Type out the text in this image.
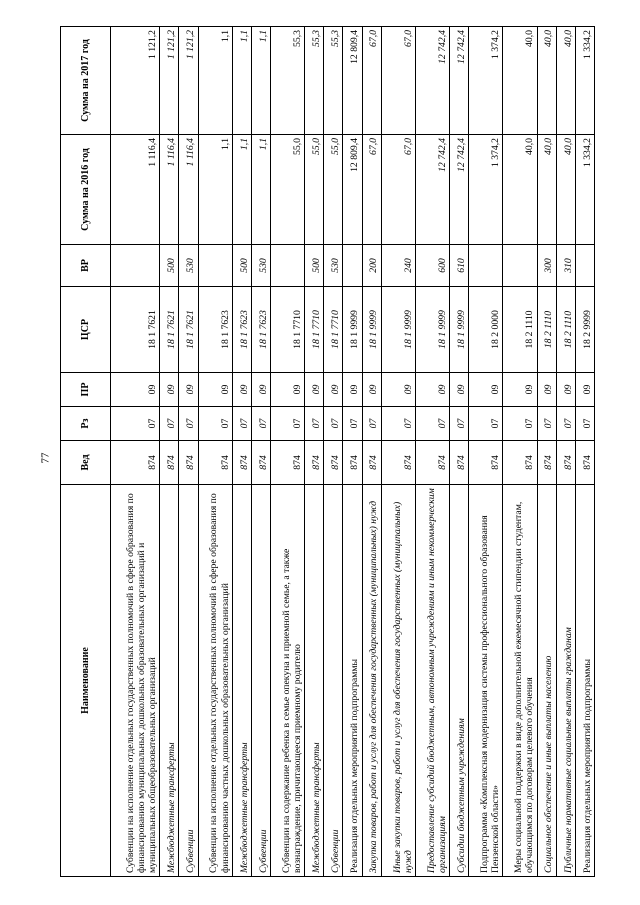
77
Наименование	Вед	Рз	ПР	ЦСР	ВР	Сумма на 2016 год	Сумма на 2017 год
Субвенции на исполнение отдельных государственных полномочий в сфере образования по финансированию муниципальных дошкольных образовательных организаций и муниципальных общеобразовательных организаций	874	07	09	18 1 7621		1 116,4	1 121,2
Межбюджетные трансферты	874	07	09	18 1 7621	500	1 116,4	1 121,2
Субвенции	874	07	09	18 1 7621	530	1 116,4	1 121,2
Субвенции на исполнение отдельных государственных полномочий в сфере образования по финансированию частных дошкольных образовательных организаций	874	07	09	18 1 7623		1,1	1,1
Межбюджетные трансферты	874	07	09	18 1 7623	500	1,1	1,1
Субвенции	874	07	09	18 1 7623	530	1,1	1,1
Субвенции на содержание ребенка в семье опекуна и приемной семье, а также вознаграждение, причитающееся приемному родителю	874	07	09	18 1 7710		55,0	55,3
Межбюджетные трансферты	874	07	09	18 1 7710	500	55,0	55,3
Субвенции	874	07	09	18 1 7710	530	55,0	55,3
Реализация отдельных мероприятий подпрограммы	874	07	09	18 1 9999		12 809,4	12 809,4
Закупка товаров, работ и услуг для обеспечения государственных (муниципальных) нужд	874	07	09	18 1 9999	200	67,0	67,0
Иные закупки товаров, работ и услуг для обеспечения государственных (муниципальных) нужд	874	07	09	18 1 9999	240	67,0	67,0
Предоставление субсидий бюджетным, автономным учреждениям и иным некоммерческим организациям	874	07	09	18 1 9999	600	12 742,4	12 742,4
Субсидии бюджетным учреждениям	874	07	09	18 1 9999	610	12 742,4	12 742,4
Подпрограмма «Комплексная модернизация системы профессионального образования Пензенской области»	874	07	09	18 2 0000		1 374,2	1 374,2
Меры социальной поддержки в виде дополнительной ежемесячной стипендии студентам, обучающимся по договорам целевого обучения	874	07	09	18 2 1110		40,0	40,0
Социальное обеспечение и иные выплаты населению	874	07	09	18 2 1110	300	40,0	40,0
Публичные нормативные социальные выплаты гражданам	874	07	09	18 2 1110	310	40,0	40,0
Реализация отдельных мероприятий подпрограммы	874	07	09	18 2 9999		1 334,2	1 334,2
